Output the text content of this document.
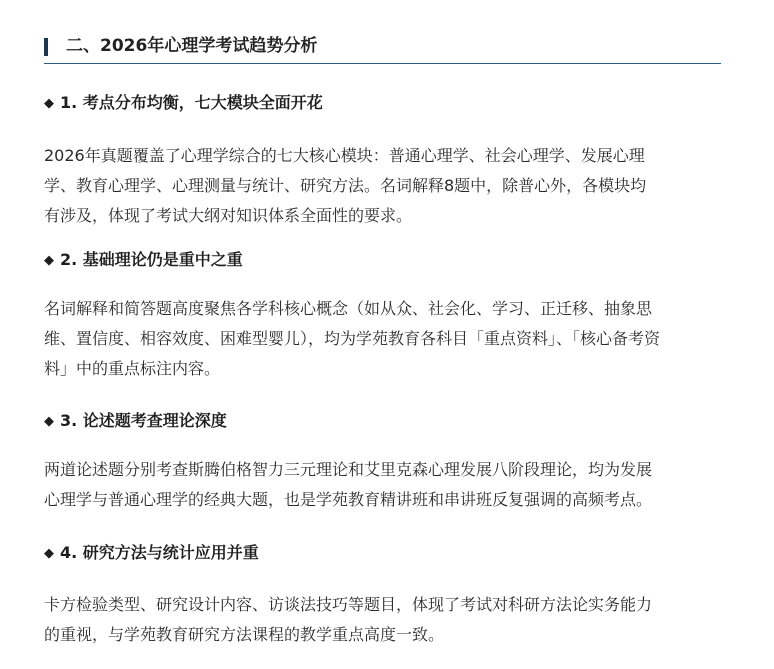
二、2026年心理学考试趋势分析
◆ 1. 考点分布均衡，七大模块全面开花
2026年真题覆盖了心理学综合的七大核心模块：普通心理学、社会心理学、发展心理
学、教育心理学、心理测量与统计、研究方法。名词解释8题中，除普心外，各模块均
有涉及，体现了考试大纲对知识体系全面性的要求。
◆ 2. 基础理论仍是重中之重
名词解释和简答题高度聚焦各学科核心概念（如从众、社会化、学习、正迁移、抽象思
维、置信度、相容效度、困难型婴儿），均为学苑教育各科目「重点资料」、「核心备考资
料」中的重点标注内容。
◆ 3. 论述题考查理论深度
两道论述题分别考查斯腾伯格智力三元理论和艾里克森心理发展八阶段理论，均为发展
心理学与普通心理学的经典大题，也是学苑教育精讲班和串讲班反复强调的高频考点。
◆ 4. 研究方法与统计应用并重
卡方检验类型、研究设计内容、访谈法技巧等题目，体现了考试对科研方法论实务能力
的重视，与学苑教育研究方法课程的教学重点高度一致。
